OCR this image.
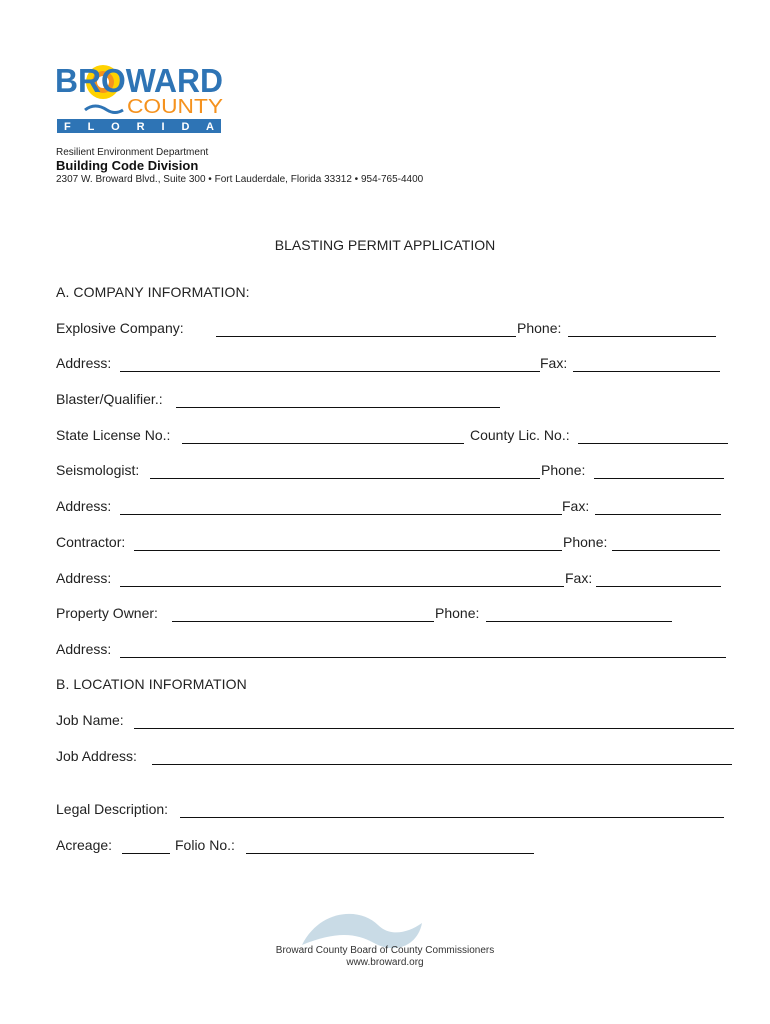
BROWARD
COUNTY
F L O R I D A
Resilient Environment Department
Building Code Division
2307 W. Broward Blvd., Suite 300 • Fort Lauderdale, Florida 33312 • 954-765-4400
BLASTING PERMIT APPLICATION
A. COMPANY INFORMATION:
Explosive Company:	Phone:
Address:	Fax:
Blaster/Qualifier.:
State License No.:	County Lic. No.:
Seismologist:	Phone:
Address:	Fax:
Contractor:	Phone:
Address:	Fax:
Property Owner:	Phone:
Address:
B. LOCATION INFORMATION
Job Name:
Job Address:
Legal Description:
Acreage:	Folio No.:
Broward County Board of County Commissioners
www.broward.org
